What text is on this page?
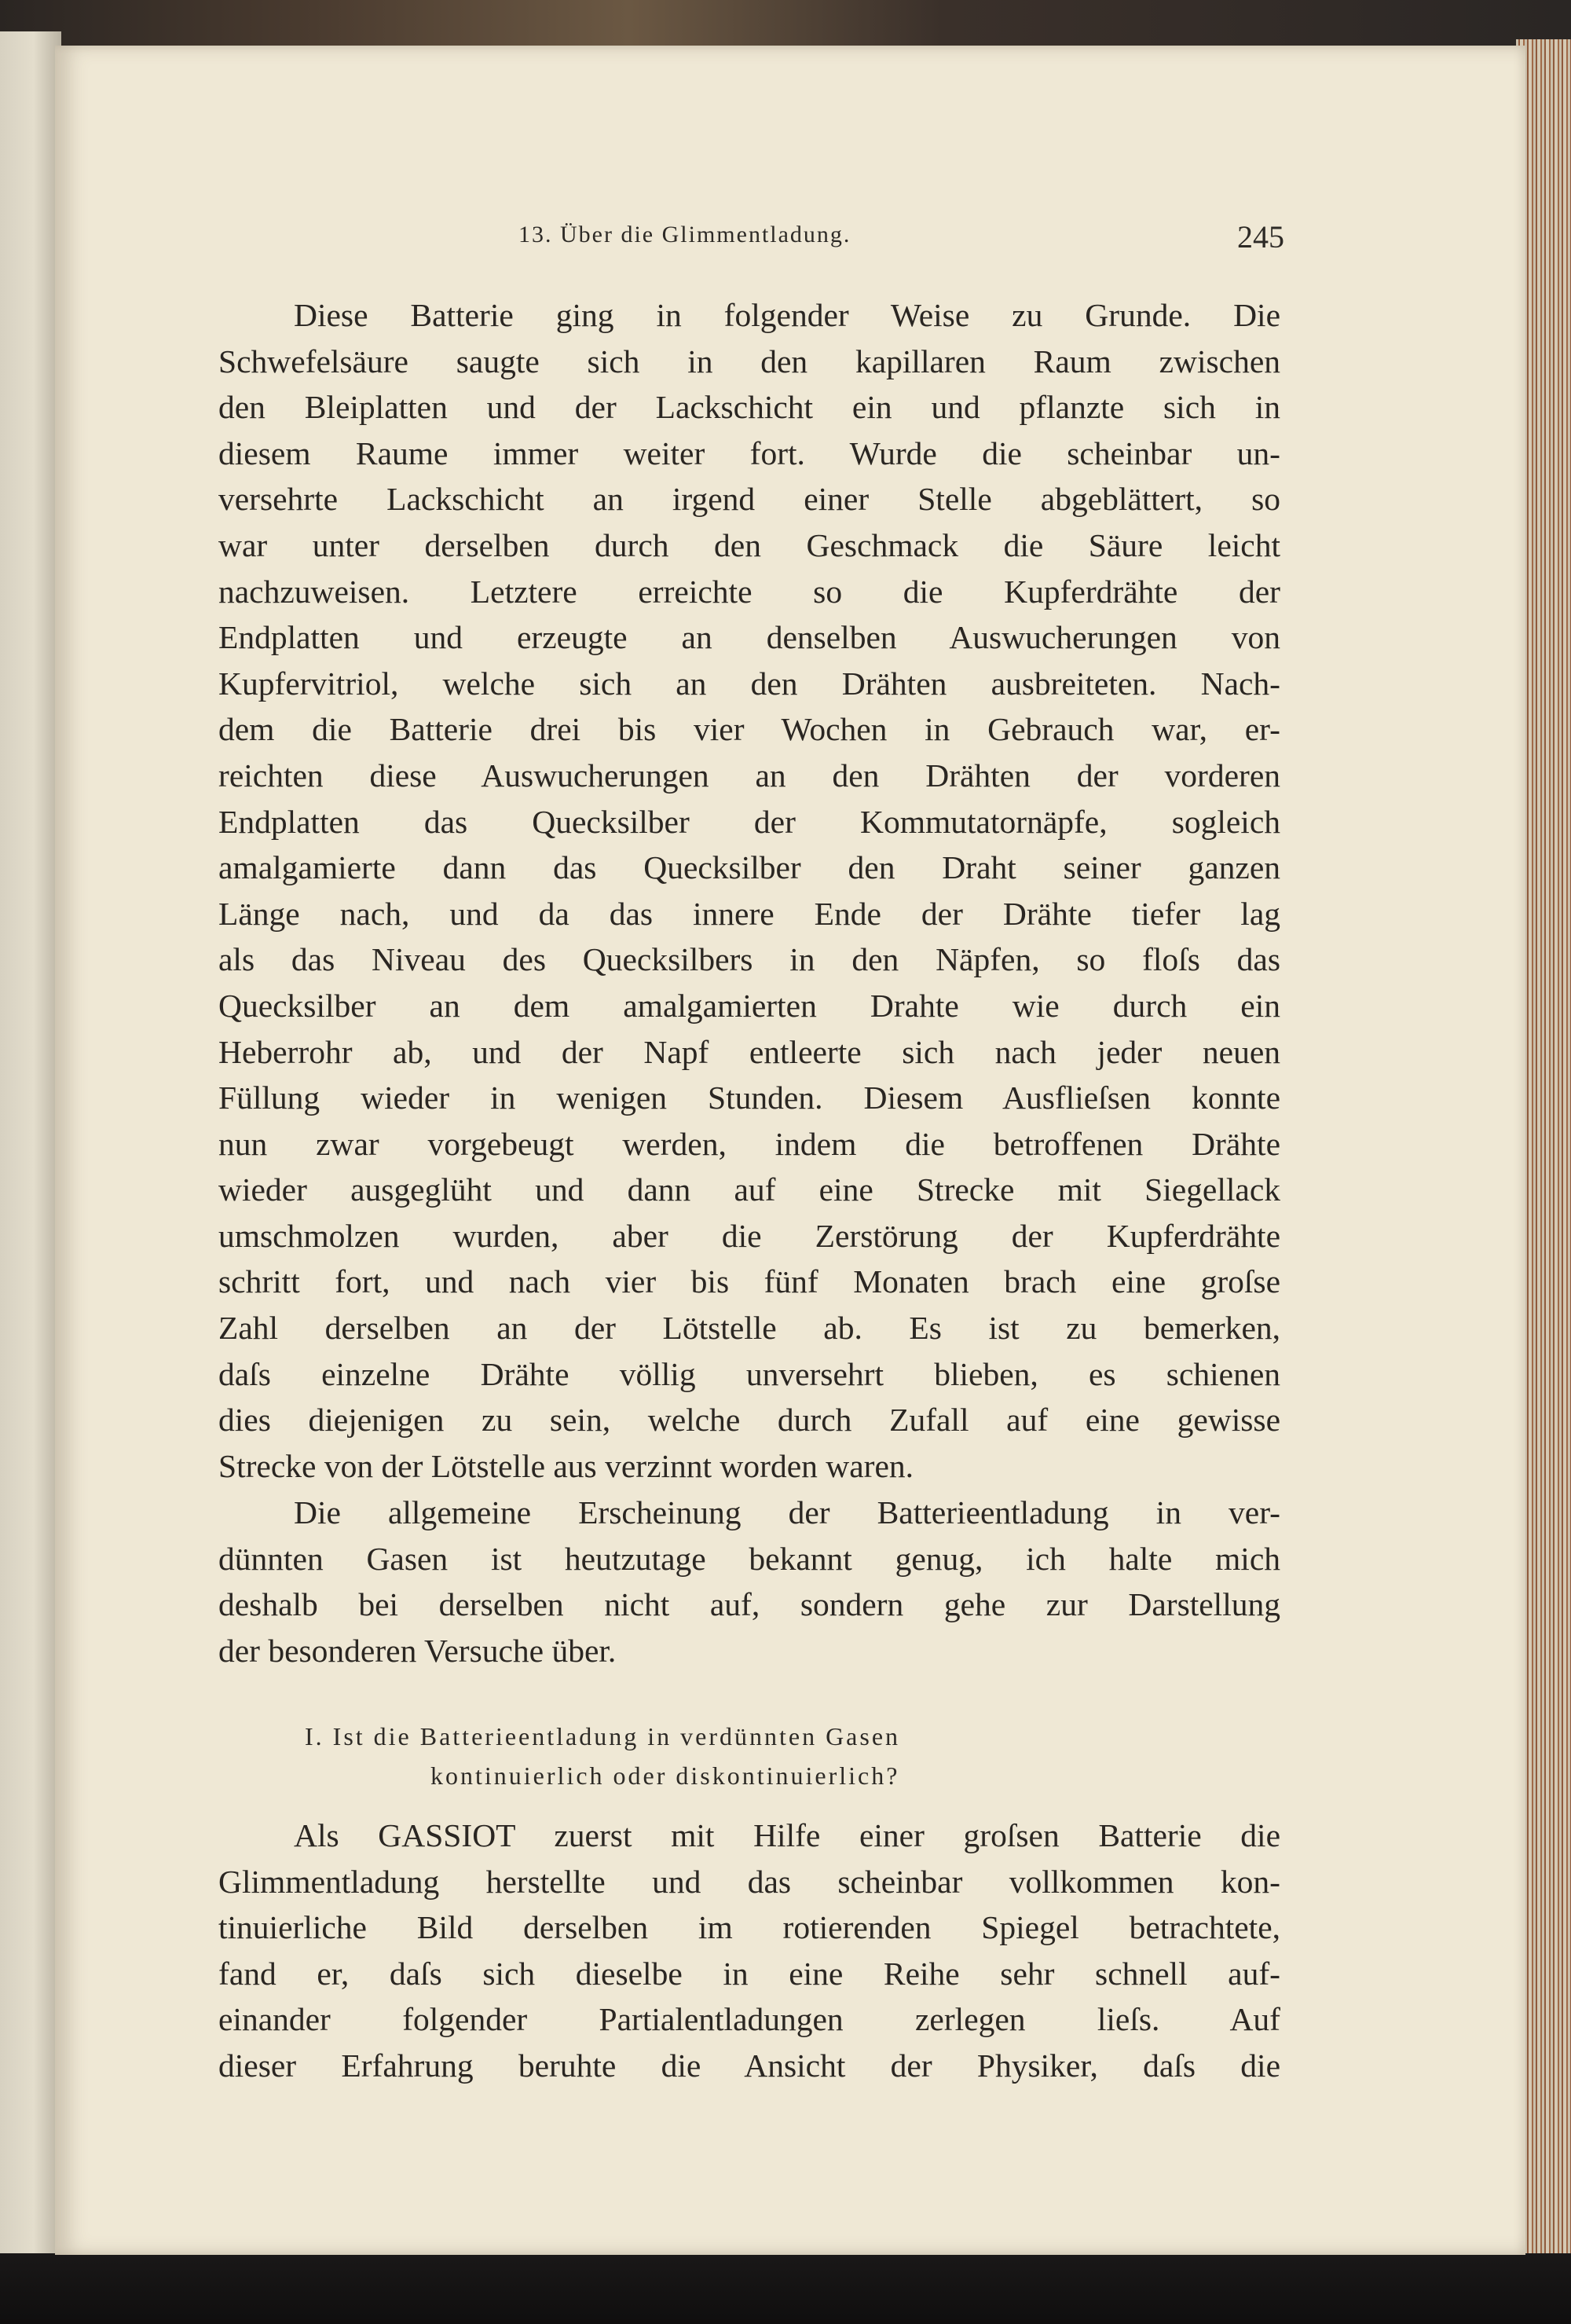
13. Über die Glimmentladung.	245
Diese Batterie ging in folgender Weise zu Grunde. Die
Schwefelsäure saugte sich in den kapillaren Raum zwischen
den Bleiplatten und der Lackschicht ein und pflanzte sich in
diesem Raume immer weiter fort. Wurde die scheinbar un-
versehrte Lackschicht an irgend einer Stelle abgeblättert, so
war unter derselben durch den Geschmack die Säure leicht
nachzuweisen. Letztere erreichte so die Kupferdrähte der
Endplatten und erzeugte an denselben Auswucherungen von
Kupfervitriol, welche sich an den Drähten ausbreiteten. Nach-
dem die Batterie drei bis vier Wochen in Gebrauch war, er-
reichten diese Auswucherungen an den Drähten der vorderen
Endplatten das Quecksilber der Kommutatornäpfe, sogleich
amalgamierte dann das Quecksilber den Draht seiner ganzen
Länge nach, und da das innere Ende der Drähte tiefer lag
als das Niveau des Quecksilbers in den Näpfen, so floſs das
Quecksilber an dem amalgamierten Drahte wie durch ein
Heberrohr ab, und der Napf entleerte sich nach jeder neuen
Füllung wieder in wenigen Stunden. Diesem Ausflieſsen konnte
nun zwar vorgebeugt werden, indem die betroffenen Drähte
wieder ausgeglüht und dann auf eine Strecke mit Siegellack
umschmolzen wurden, aber die Zerstörung der Kupferdrähte
schritt fort, und nach vier bis fünf Monaten brach eine groſse
Zahl derselben an der Lötstelle ab. Es ist zu bemerken,
daſs einzelne Drähte völlig unversehrt blieben, es schienen
dies diejenigen zu sein, welche durch Zufall auf eine gewisse
Strecke von der Lötstelle aus verzinnt worden waren.
Die allgemeine Erscheinung der Batterieentladung in ver-
dünnten Gasen ist heutzutage bekannt genug, ich halte mich
deshalb bei derselben nicht auf, sondern gehe zur Darstellung
der besonderen Versuche über.
I. Ist die Batterieentladung in verdünnten Gasen
kontinuierlich oder diskontinuierlich?
Als GASSIOT zuerst mit Hilfe einer groſsen Batterie die
Glimmentladung herstellte und das scheinbar vollkommen kon-
tinuierliche Bild derselben im rotierenden Spiegel betrachtete,
fand er, daſs sich dieselbe in eine Reihe sehr schnell auf-
einander folgender Partialentladungen zerlegen lieſs. Auf
dieser Erfahrung beruhte die Ansicht der Physiker, daſs die
